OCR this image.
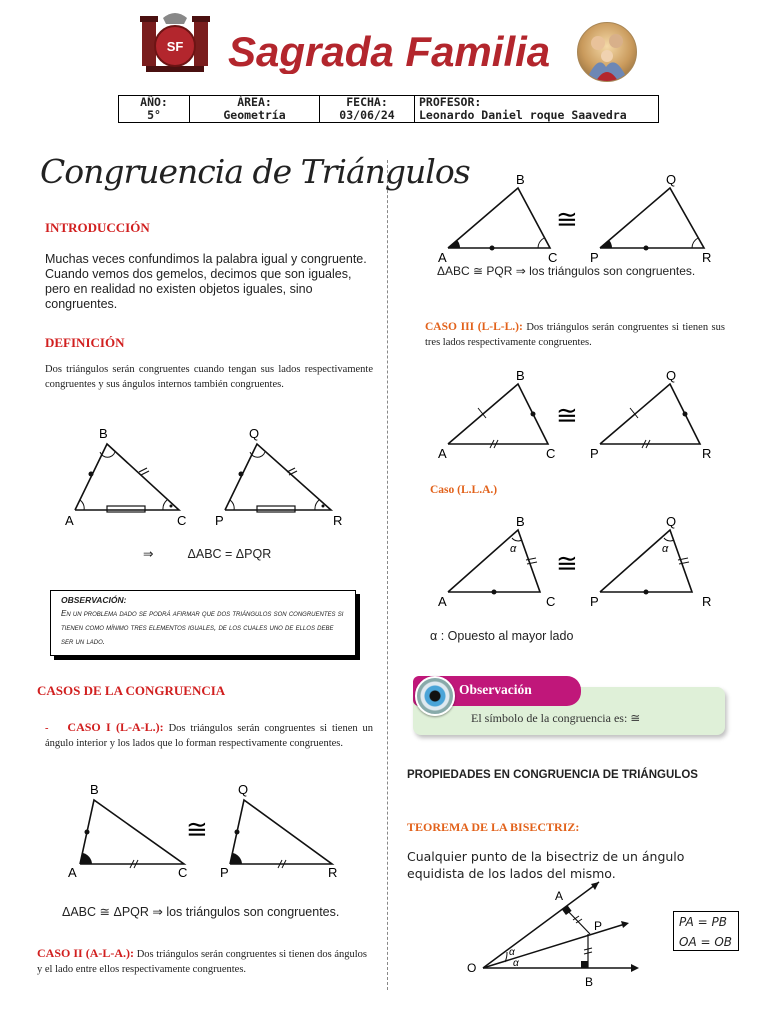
SF Sagrada Familia
AÑO:
5°

ÁREA:
Geometría

FECHA:
03/06/24

PROFESOR:
Leonardo Daniel roque Saavedra
Congruencia de Triángulos
INTRODUCCIÓN
Muchas veces confundimos la palabra igual y congruente. Cuando vemos dos gemelos, decimos que son iguales, pero en realidad no existen objetos iguales, sino congruentes.
DEFINICIÓN
Dos triángulos serán congruentes cuando tengan sus lados respectivamente congruentes y sus ángulos internos también congruentes.
A
B
C P
Q
R
⇒          ΔABC = ΔPQR
OBSERVACIÓN:
En un problema dado se podrá afirmar que dos triángulos son congruentes si tienen como mínimo tres elementos iguales, de los cuales uno de ellos debe ser un lado.
CASOS DE LA CONGRUENCIA
- CASO I (L-A-L.): Dos triángulos serán congruentes si tienen un ángulo interior y los lados que lo forman respectivamente congruentes.
A
B
C
≅
P
Q
R
ΔABC ≅ ΔPQR ⇒ los triángulos son congruentes.
CASO II (A-L-A.): Dos triángulos serán congruentes si tienen dos ángulos y el lado entre ellos respectivamente congruentes.
A
B
C
≅
P
Q
R
ΔABC ≅ PQR ⇒ los triángulos son congruentes.
CASO III (L-L-L.): Dos triángulos serán congruentes si tienen sus tres lados respectivamente congruentes.
A
B
C
≅
P
Q
R
Caso (L.L.A.)
α
A
B
C
≅	α
P
Q
R
α : Opuesto al mayor lado
El símbolo de la congruencia es: ≅
Observación
PROPIEDADES EN CONGRUENCIA DE TRIÁNGULOS
TEOREMA DE LA BISECTRIZ:
Cualquier punto de la bisectriz de un ángulo equidista de los lados del mismo.
α
α
O
A
P
B
PA = PB
OA = OB
